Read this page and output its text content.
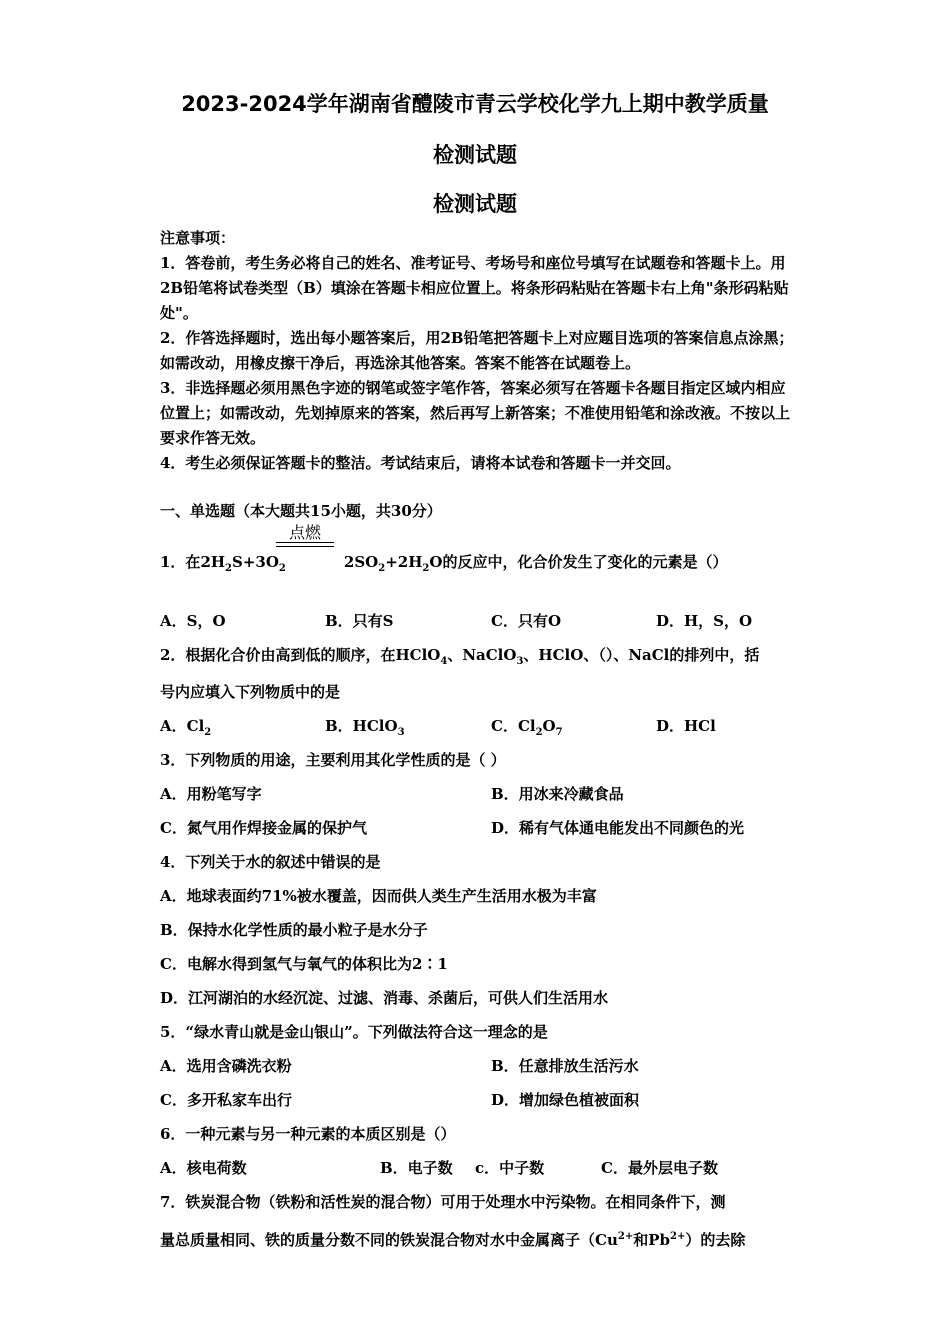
2023-2024学年湖南省醴陵市青云学校化学九上期中教学质量
检测试题
检测试题

注意事项：

1．答卷前，考生务必将自己的姓名、准考证号、考场号和座位号填写在试题卷和答题卡上。用2B铅笔将试卷类型（B）填涂在答题卡相应位置上。将条形码粘贴在答题卡右上角"条形码粘贴处"。

2．作答选择题时，选出每小题答案后，用2B铅笔把答题卡上对应题目选项的答案信息点涂黑；如需改动，用橡皮擦干净后，再选涂其他答案。答案不能答在试题卷上。

3．非选择题必须用黑色字迹的钢笔或签字笔作答，答案必须写在答题卡各题目指定区域内相应位置上；如需改动，先划掉原来的答案，然后再写上新答案；不准使用铅笔和涂改液。不按以上要求作答无效。

4．考生必须保证答题卡的整洁。考试结束后，请将本试卷和答题卡一并交回。

一、单选题（本大题共15小题，共30分）
点燃
1．在$2H_2S+3O_2$	$2SO_2+2H_2O$的反应中，化合价发生了变化的元素是（）
A．S，O	B．只有S	C．只有O	D．H，S，O
2．根据化合价由高到低的顺序，在HClO$_4$、NaClO$_3$、HClO、（）、NaCl的排列中，括
号内应填入下列物质中的是
A．$Cl_2$	B．HClO$_3$	C．$Cl_2O_7$	D．HCl
3．下列物质的用途，主要利用其化学性质的是（ ）
A．用粉笔写字	B．用冰来冷藏食品
C．氮气用作焊接金属的保护气	D．稀有气体通电能发出不同颜色的光
4．下列关于水的叙述中错误的是
A．地球表面约71%被水覆盖，因而供人类生产生活用水极为丰富
B．保持水化学性质的最小粒子是水分子
C．电解水得到氢气与氧气的体积比为2∶1
D．江河湖泊的水经沉淀、过滤、消毒、杀菌后，可供人们生活用水
5．“绿水青山就是金山银山”。下列做法符合这一理念的是
A．选用含磷洗衣粉	B．任意排放生活污水
C．多开私家车出行	D．增加绿色植被面积
6．一种元素与另一种元素的本质区别是（）
A．核电荷数	B．电子数 c．中子数	C．最外层电子数
7．铁炭混合物（铁粉和活性炭的混合物）可用于处理水中污染物。在相同条件下，测
量总质量相同、铁的质量分数不同的铁炭混合物对水中金属离子（$Cu^{2+}$和$Pb^{2+}$）的去除
